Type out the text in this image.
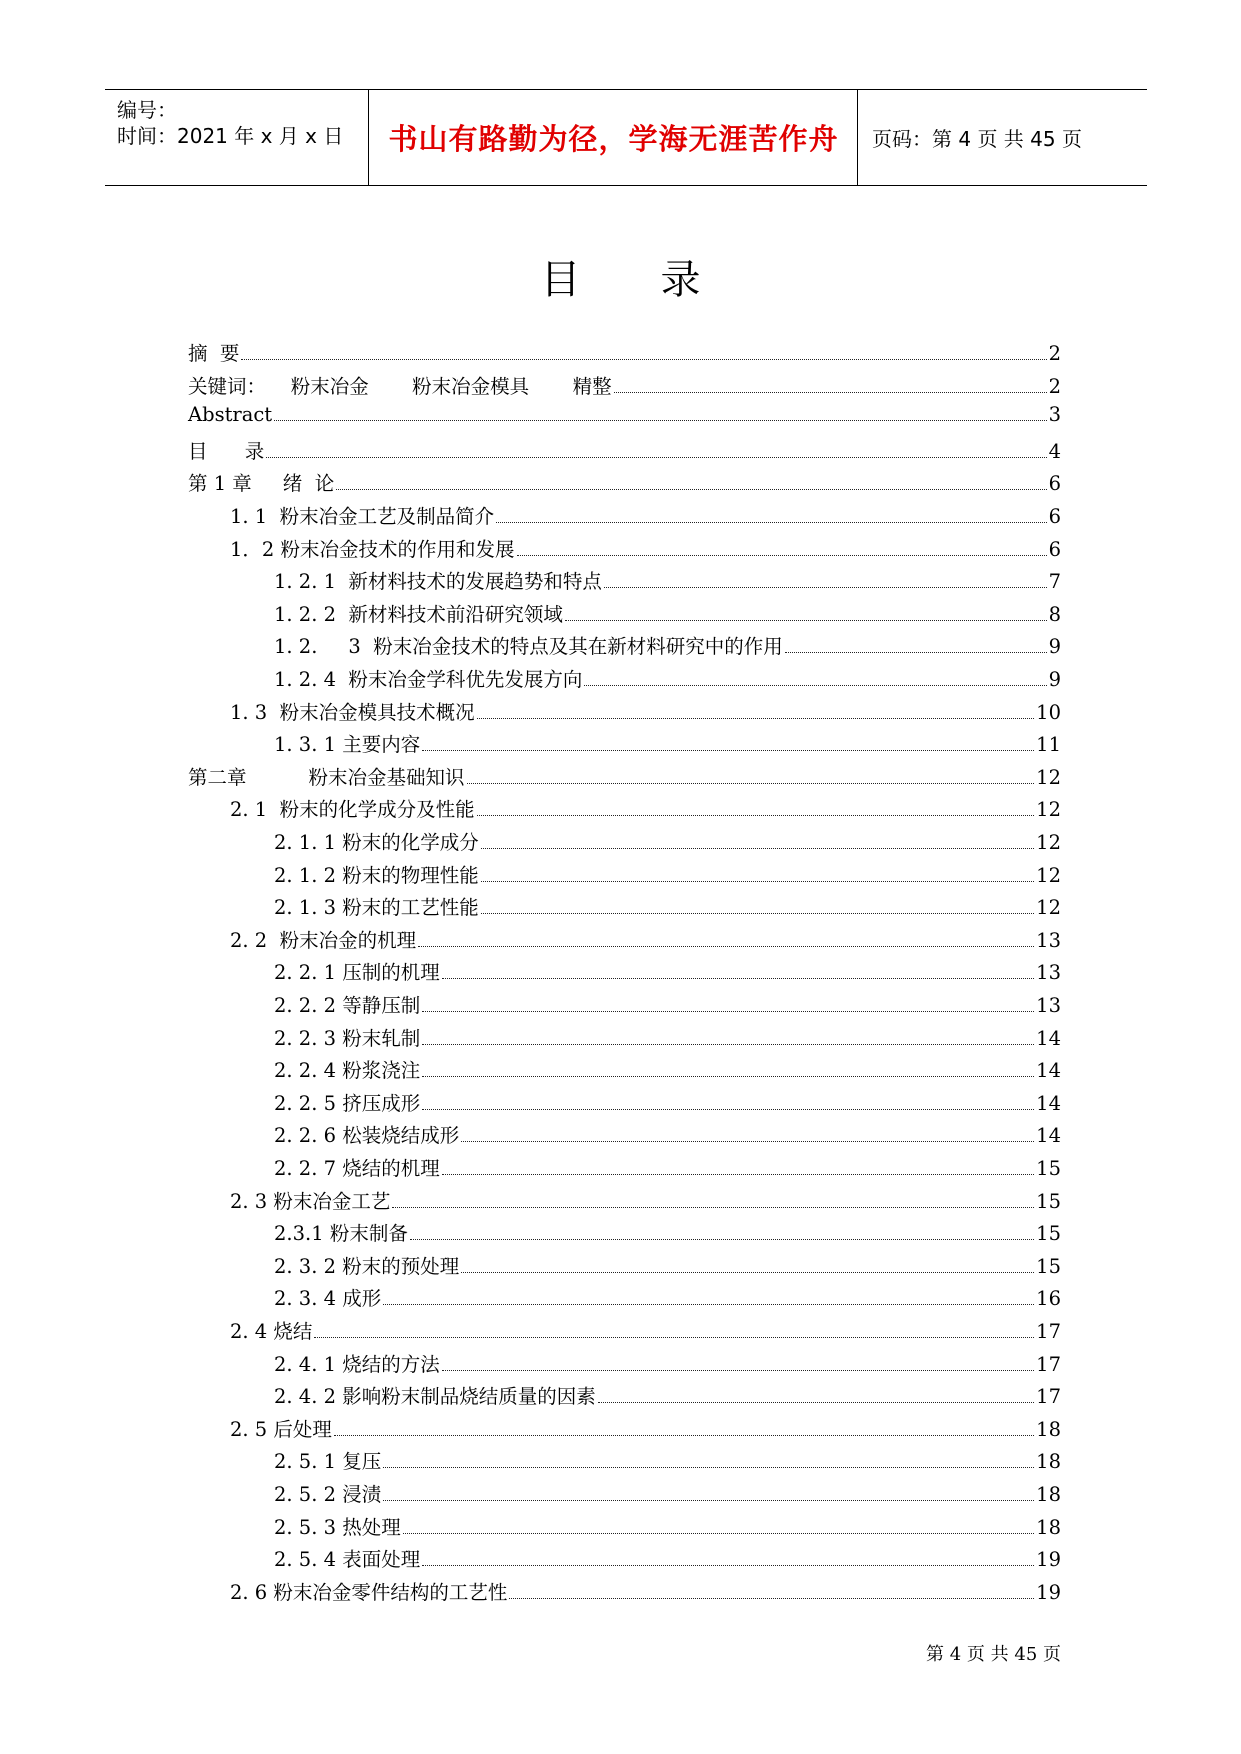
编号：
时间：2021 年 x 月 x 日	书山有路勤为径，学海无涯苦作舟	页码：第 4 页 共 45 页
目录
摘  要	2
关键词：    粉末冶金       粉末冶金模具       精整	2
Abstract	3
目      录	4
第 1 章     绪  论	6
1. 1  粉末冶金工艺及制品简介	6
1．2 粉末冶金技术的作用和发展	6
1. 2. 1  新材料技术的发展趋势和特点	7
1. 2. 2  新材料技术前沿研究领域	8
1. 2.     3  粉末冶金技术的特点及其在新材料研究中的作用	9
1. 2. 4  粉末冶金学科优先发展方向	9
1. 3  粉末冶金模具技术概况	10
1. 3. 1 主要内容	11
第二章          粉末冶金基础知识	12
2. 1  粉末的化学成分及性能	12
2. 1. 1 粉末的化学成分	12
2. 1. 2 粉末的物理性能	12
2. 1. 3 粉末的工艺性能	12
2. 2  粉末冶金的机理	13
2. 2. 1 压制的机理	13
2. 2. 2 等静压制	13
2. 2. 3 粉末轧制	14
2. 2. 4 粉浆浇注	14
2. 2. 5 挤压成形	14
2. 2. 6 松装烧结成形	14
2. 2. 7 烧结的机理	15
2. 3 粉末冶金工艺	15
2.3.1 粉末制备	15
2. 3. 2 粉末的预处理	15
2. 3. 4 成形	16
2. 4 烧结	17
2. 4. 1 烧结的方法	17
2. 4. 2 影响粉末制品烧结质量的因素	17
2. 5 后处理	18
2. 5. 1 复压	18
2. 5. 2 浸渍	18
2. 5. 3 热处理	18
2. 5. 4 表面处理	19
2. 6 粉末冶金零件结构的工艺性	19
第 4 页 共 45 页
